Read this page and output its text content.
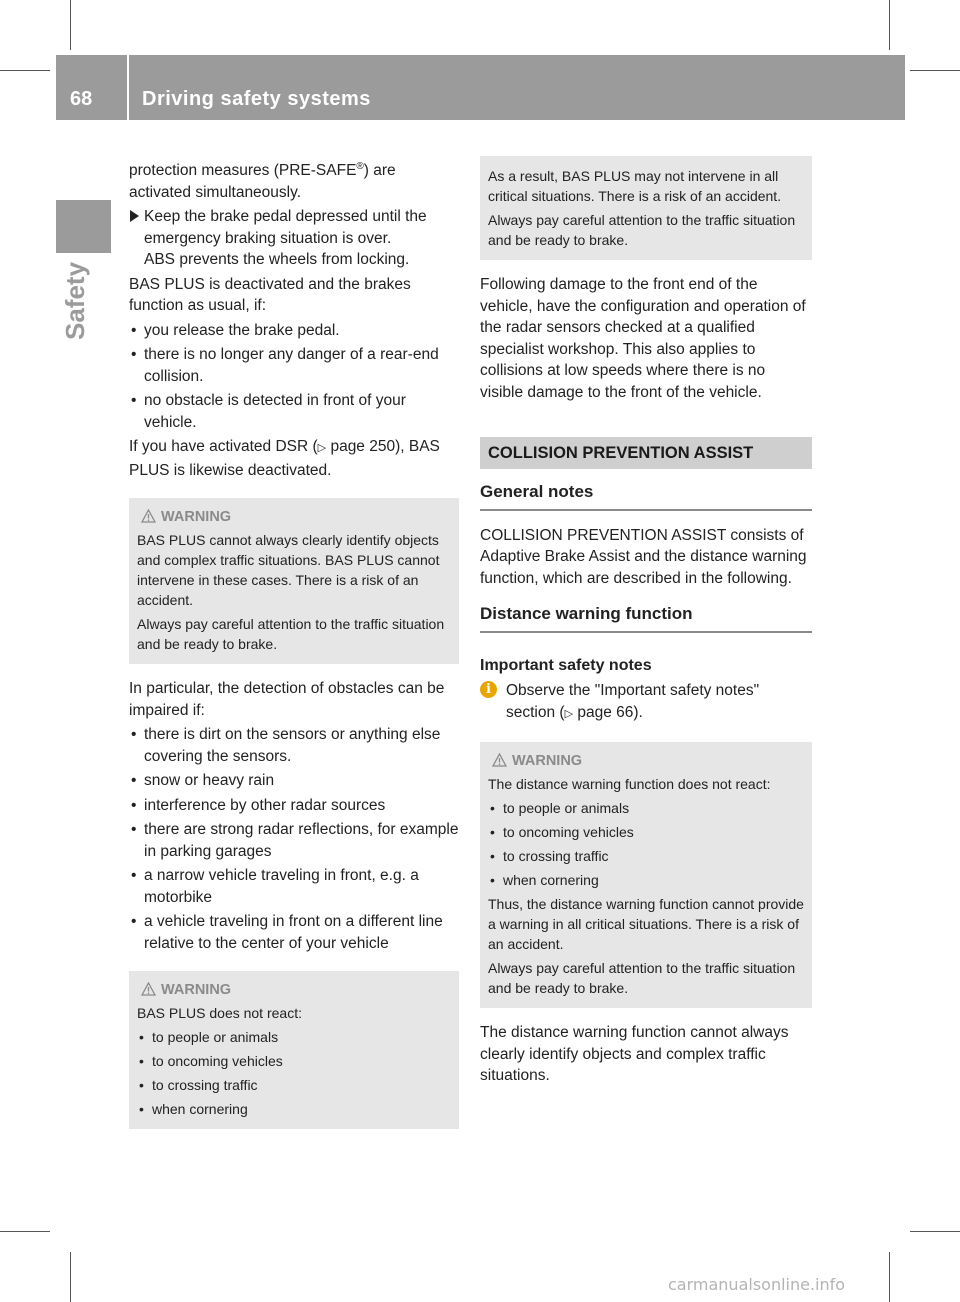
68 Driving safety systems
Safety

protection measures (PRE-SAFE®) are activated simultaneously.

Keep the brake pedal depressed until the emergency braking situation is over.

ABS prevents the wheels from locking.

BAS PLUS is deactivated and the brakes function as usual, if:

• you release the brake pedal.
• there is no longer any danger of a rear-end collision.
• no obstacle is detected in front of your vehicle.

If you have activated DSR (▷ page 250), BAS PLUS is likewise deactivated.

WARNING

BAS PLUS cannot always clearly identify objects and complex traffic situations. BAS PLUS cannot intervene in these cases. There is a risk of an accident.

Always pay careful attention to the traffic situation and be ready to brake.

In particular, the detection of obstacles can be impaired if:

• there is dirt on the sensors or anything else covering the sensors.
• snow or heavy rain
• interference by other radar sources
• there are strong radar reflections, for example in parking garages
• a narrow vehicle traveling in front, e.g. a motorbike
• a vehicle traveling in front on a different line relative to the center of your vehicle
WARNING

BAS PLUS does not react:

• to people or animals
• to oncoming vehicles
• to crossing traffic
• when cornering

As a result, BAS PLUS may not intervene in all critical situations. There is a risk of an accident.

Always pay careful attention to the traffic situation and be ready to brake.

Following damage to the front end of the vehicle, have the configuration and operation of the radar sensors checked at a qualified specialist workshop. This also applies to collisions at low speeds where there is no visible damage to the front of the vehicle.

COLLISION PREVENTION ASSIST
General notes

COLLISION PREVENTION ASSIST consists of Adaptive Brake Assist and the distance warning function, which are described in the following.

Distance warning function
Important safety notes
i Observe the "Important safety notes" section (▷ page 66).
WARNING

The distance warning function does not react:

• to people or animals
• to oncoming vehicles
• to crossing traffic
• when cornering

Thus, the distance warning function cannot provide a warning in all critical situations. There is a risk of an accident.

Always pay careful attention to the traffic situation and be ready to brake.

The distance warning function cannot always clearly identify objects and complex traffic situations.

carmanualsonline.info
